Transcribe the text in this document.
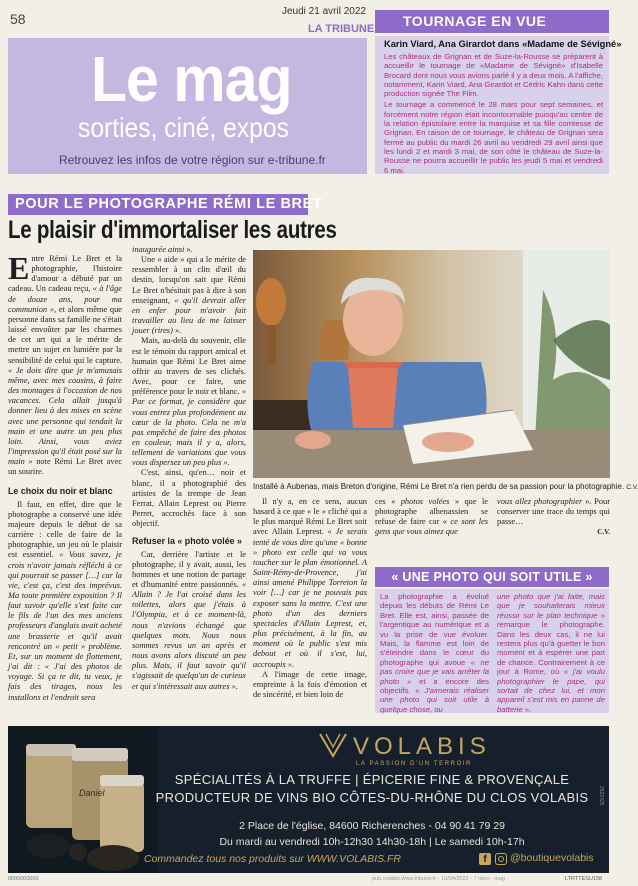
58	Jeudi 21 avril 2022
LA TRIBUNE
Le mag
sorties, ciné, expos
Retrouvez les infos de votre région sur e-tribune.fr
TOURNAGE EN VUE
Karin Viard, Ana Girardot dans «Madame de Sévigné»

Les châteaux de Grignan et de Suze-la-Rousse se préparent à accueillir le tournage de «Madame de Sévigné» d'Isabelle Brocard dont nous vous avions parlé il y a deux mois. A l'affiche, notamment, Karin Viard, Ana Girardot et Cédric Kahn dans cette production signée The Film.

Le tournage a commencé le 28 mars pour sept semaines, et forcément notre région était incontournable puisqu'au centre de la relation épistolaire entre la marquise et sa fille comtesse de Grignan. En raison de ce tournage, le château de Grignan sera fermé au public du mardi 26 avril au vendredi 29 avril ainsi que les lundi 2 et mardi 3 mai, de son côté le château de Suze-la-Rousse ne pourra accueillir le public les jeudi 5 mai et vendredi 6 mai.

POUR LE PHOTOGRAPHE RÉMI LE BRET
Le plaisir d'immortaliser les autres
Installé à Aubenas, mais Breton d'origine, Rémi Le Bret n'a rien perdu de sa passion pour la photographie. C.V.
E ntre Rémi Le Bret et la photographie, l'histoire d'amour a débuté par un cadeau. Un cadeau reçu, « à l'âge de douze ans, pour ma communion », et alors même que personne dans sa famille ne s'était laissé envoûter par les charmes de cet art qui a le mérite de mettre un sujet en lumière par la sensibilité de celui qui le capture. « Je dois dire que je m'amusais même, avec mes cousins, à faire des montages à l'occasion de nos vacances. Cela allait jusqu'à donner lieu à des mises en scène avec une personne qui tendait la main et une autre un peu plus loin. Ainsi, vous aviez l'impression qu'il était posé sur la main » note Rémi Le Bret avec un sourire.

Le choix du noir et blanc

Il faut, en effet, dire que le photographe a conservé une idée majeure depuis le début de sa carrière : celle de faire de la photographie, un jeu où le plaisir est essentiel. « Vous savez, je crois n'avoir jamais réfléchi à ce qui pourrait se passer […] car la vie, c'est ça, c'est des imprévus. Ma toute première exposition ? Il faut savoir qu'elle s'est faite car le fils de l'un des mes anciens professeurs d'anglais avait acheté une brasserie et qu'il avait rencontré un « petit » problème. Et, sur un moment de flottement, j'ai dit : « J'ai des photos de voyage. Si ça te dit, tu veux, je fais des tirages, nous les installons et l'endroit sera

inaugurée ainsi ».

Une « aide » qui a le mérite de ressembler à un clin d'œil du destin, lorsqu'on sait que Rémi Le Bret n'hésitait pas à dire à son enseignant, « qu'il devrait aller en enfer pour m'avoir fait travailler au lieu de me laisser jouer (rires) ».

Mais, au-delà du souvenir, elle est le témoin du rapport amical et humain que Rémi Le Bret aime offrir au travers de ses clichés. Avec, pour ce faire, une préférence pour le noir et blanc. « Par ce format, je considère que vous entrez plus profondément au cœur de la photo. Cela ne m'a pas empêché de faire des photos en couleur, mais il y a, alors, tellement de variations que vous vous dispersez un peu plus ».

C'est, ainsi, qu'en… noir et blanc, il a photographié des artistes de la trempe de Jean Ferrat, Allain Leprest ou Pierre Perret, accrochés face à son objectif.

Refuser la « photo volée »

Car, derrière l'artiste et le photographe, il y avait, aussi, les hommes et une notion de partage et d'humanité entre passionnés. « Allain ? Je l'ai croisé dans les toilettes, alors que j'étais à l'Olympia, et à ce moment-là, nous n'avions échangé que quelques mots. Nous nous sommes revus un an après et nous avons alors discuté un peu plus. Mais, il faut savoir qu'il s'agissait de quelqu'un de curieux et qui s'intéressait aux autres ».

Il n'y a, en ce sens, aucun hasard à ce que « le » cliché qui a le plus marqué Rémi Le Bret soit avec Allain Leprest. « Je serais tenté de vous dire qu'une « bonne » photo est celle qui va vous toucher sur le plan émotionnel. A Saint-Rémy-de-Provence, j'ai ainsi amené Philippe Torreton la voir […] car je ne pouvais pas exposer sans la mettre. C'est une photo d'un des derniers spectacles d'Allain Leprest, et, plus précisément, à la fin, au moment où le public s'est mis debout et où il s'est, lui, accroupis ».

A l'image de cette image, empreinte à la fois d'émotion et de sincérité, et bien loin de

ces « photos volées » que le photographe albenassien se refuse de faire car « ce sont les gens que vous aimez que

vous allez photographier ». Pour conserver une trace du temps qui passe…

C.V.
« UNE PHOTO QUI SOIT UTILE »

La photographie a évolué depuis les débuts de Rémi Le Bret. Elle est, ainsi, passée de l'argentique au numérique et a vu la prise de vue évoluer. Mais, la flamme est loin de s'éteindre dans le cœur du photographe qui avoue « ne pas croire que je vais arrêter la photo » et a encore des objectifs. « J'aimerais réaliser une photo qui soit utile à quelque chose, ou

une photo que j'ai faite, mais que je souhaiterais mieux réussir sur le plan technique » remarque le photographe. Dans les deux cas, il ne lui restera plus qu'à guetter le bon moment et à espérer une part de chance. Contrairement à ce jour à Rome, où « j'ai voulu photographier le pape, qui sortait de chez lui, et mon appareil s'est mis en panne de batterie ».

Daniel
VOLABIS
LA PASSION D'UN TERROIR
SPÉCIALITÉS À LA TRUFFE | ÉPICERIE FINE & PROVENÇALE
PRODUCTEUR DE VINS BIO CÔTES-DU-RHÔNE DU CLOS VOLABIS
2 Place de l'église, 84600 Richerenches - 04 90 41 79 29
Du mardi au vendredi 10h-12h30 14h30-18h | Le samedi 10h-17h
Commandez tous nos produits sur WWW.VOLABIS.FR	f	@boutiquevolabis
2522425
0000000000	pub.volabis.www.tribune.fr - 10/04/2022 - 7 rétro - mag -	LTRTTESU158
